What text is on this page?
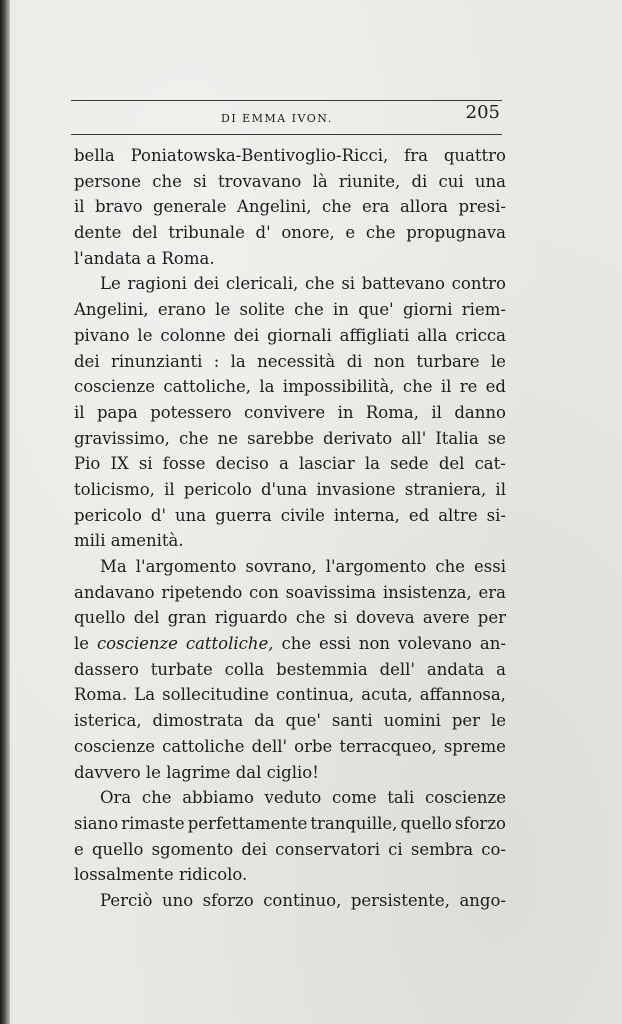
DI EMMA IVON.	205
bella Poniatowska-Bentivoglio-Ricci, fra quattro
persone che si trovavano là riunite, di cui una
il bravo generale Angelini, che era allora presi-
dente del tribunale d' onore, e che propugnava
l'andata
a
Roma.
Le ragioni dei clericali, che si battevano contro
Angelini, erano le solite che in que' giorni riem-
pivano le colonne dei giornali affigliati alla cricca
dei rinunzianti : la necessità di non turbare le
coscienze cattoliche, la impossibilità, che il re ed
il papa potessero convivere in Roma, il danno
gravissimo, che ne sarebbe derivato all' Italia se
Pio IX si fosse deciso a lasciar la sede del cat-
tolicismo, il pericolo d'una invasione straniera, il
pericolo d' una guerra civile interna, ed altre si-
mili
amenità.
Ma l'argomento sovrano, l'argomento che essi
andavano ripetendo con soavissima insistenza, era
quello del gran riguardo che si doveva avere per
le coscienze cattoliche, che essi non volevano an-
dassero turbate colla bestemmia dell' andata a
Roma. La sollecitudine continua, acuta, affannosa,
isterica, dimostrata da que' santi uomini per le
coscienze cattoliche dell' orbe terracqueo, spreme
davvero
le
lagrime
dal
ciglio!
Ora che abbiamo veduto come tali coscienze
siano rimaste perfettamente tranquille, quello sforzo
e quello sgomento dei conservatori ci sembra co-
lossalmente
ridicolo.
Perciò uno sforzo continuo, persistente, ango-
